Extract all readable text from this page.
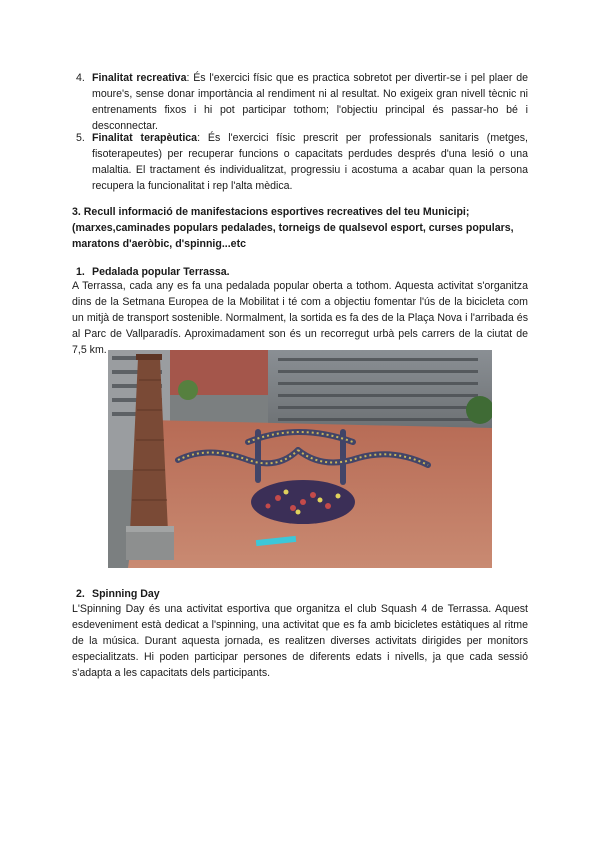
4. Finalitat recreativa: És l'exercici físic que es practica sobretot per divertir-se i pel plaer de moure's, sense donar importància al rendiment ni al resultat. No exigeix gran nivell tècnic ni entrenaments fixos i hi pot participar tothom; l'objectiu principal és passar-ho bé i desconnectar.

5. Finalitat terapèutica: És l'exercici físic prescrit per professionals sanitaris (metges, fisoterapeutes) per recuperar funcions o capacitats perdudes després d'una lesió o una malaltia. El tractament és individualitzat, progressiu i acostuma a acabar quan la persona recupera la funcionalitat i rep l'alta mèdica.

3. Recull informació de manifestacions esportives recreatives del teu Municipi; (marxes,caminades populars pedalades, torneigs de qualsevol esport, curses populars, maratons d'aeròbic, d'spinnig...etc

1. Pedalada popular Terrassa.

A Terrassa, cada any es fa una pedalada popular oberta a tothom. Aquesta activitat s'organitza dins de la Setmana Europea de la Mobilitat i té com a objectiu fomentar l'ús de la bicicleta com un mitjà de transport sostenible. Normalment, la sortida es fa des de la Plaça Nova i l'arribada és al Parc de Vallparadís. Aproximadament son és un recorregut urbà pels carrers de la ciutat de 7,5 km.

2. Spinning Day

L'Spinning Day és una activitat esportiva que organitza el club Squash 4 de Terrassa. Aquest esdeveniment està dedicat a l'spinning, una activitat que es fa amb bicicletes estàtiques al ritme de la música. Durant aquesta jornada, es realitzen diverses activitats dirigides per monitors especialitzats. Hi poden participar persones de diferents edats i nivells, ja que cada sessió s'adapta a les capacitats dels participants.
